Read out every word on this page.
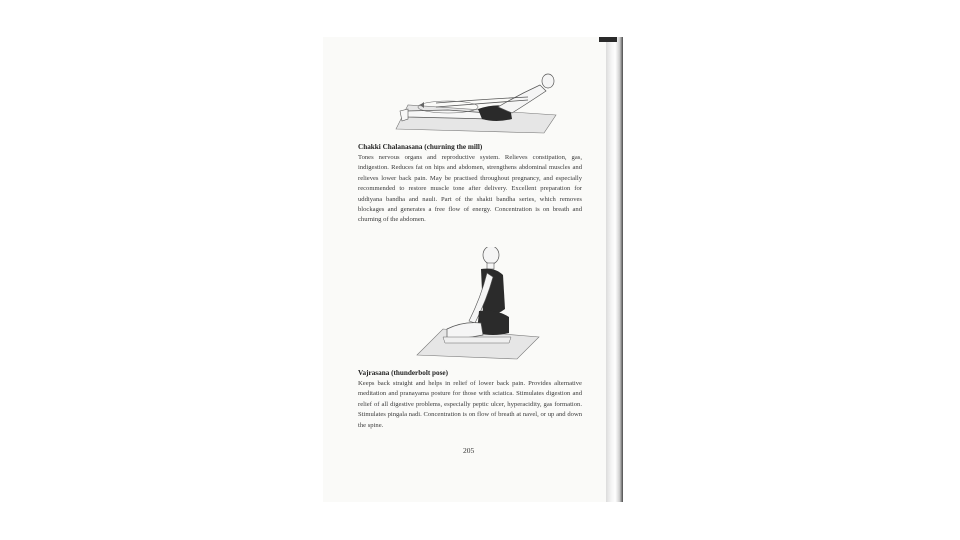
Chakki Chalanasana (churning the mill)

Tones nervous organs and reproductive system. Relieves constipation, gas, indigestion. Reduces fat on hips and abdomen, strengthens abdominal muscles and relieves lower back pain. May be practised throughout pregnancy, and especially recommended to restore muscle tone after delivery. Excellent preparation for uddiyana bandha and nauli. Part of the shakti bandha series, which removes blockages and generates a free flow of energy. Concentration is on breath and churning of the abdomen.

Vajrasana (thunderbolt pose)

Keeps back straight and helps in relief of lower back pain. Provides alternative meditation and pranayama posture for those with sciatica. Stimulates digestion and relief of all digestive problems, especially peptic ulcer, hyperacidity, gas formation. Stimulates pingala nadi. Concentration is on flow of breath at navel, or up and down the spine.

205
